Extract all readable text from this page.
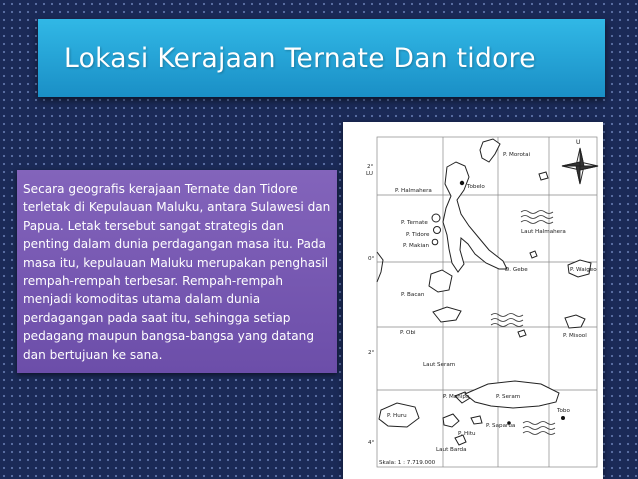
Lokasi Kerajaan Ternate Dan tidore

Secara geografis kerajaan Ternate dan Tidore terletak di Kepulauan Maluku, antara Sulawesi dan Papua. Letak tersebut sangat strategis dan penting dalam dunia perdagangan masa itu. Pada masa itu, kepulauan Maluku merupakan penghasil rempah-rempah terbesar. Rempah-rempah menjadi komoditas utama dalam dunia perdagangan pada saat itu, sehingga setiap pedagang maupun bangsa-bangsa yang datang dan bertujuan ke sana.

U
2°
LU
0°
2°
4°
P. Morotai
P. Halmahera
Tobelo
P. Ternate
P. Tidore
P. Makian
Laut Halmahera
D. Gebe	P. Waigeo
P. Bacan
P. Obi	P. Misool
Laut Seram
P. Manipa	P. Seram
P. Huru
P. Saparua
P. Hitu
Tobo
Laut Barda
Skala: 1 : 7.719.000
